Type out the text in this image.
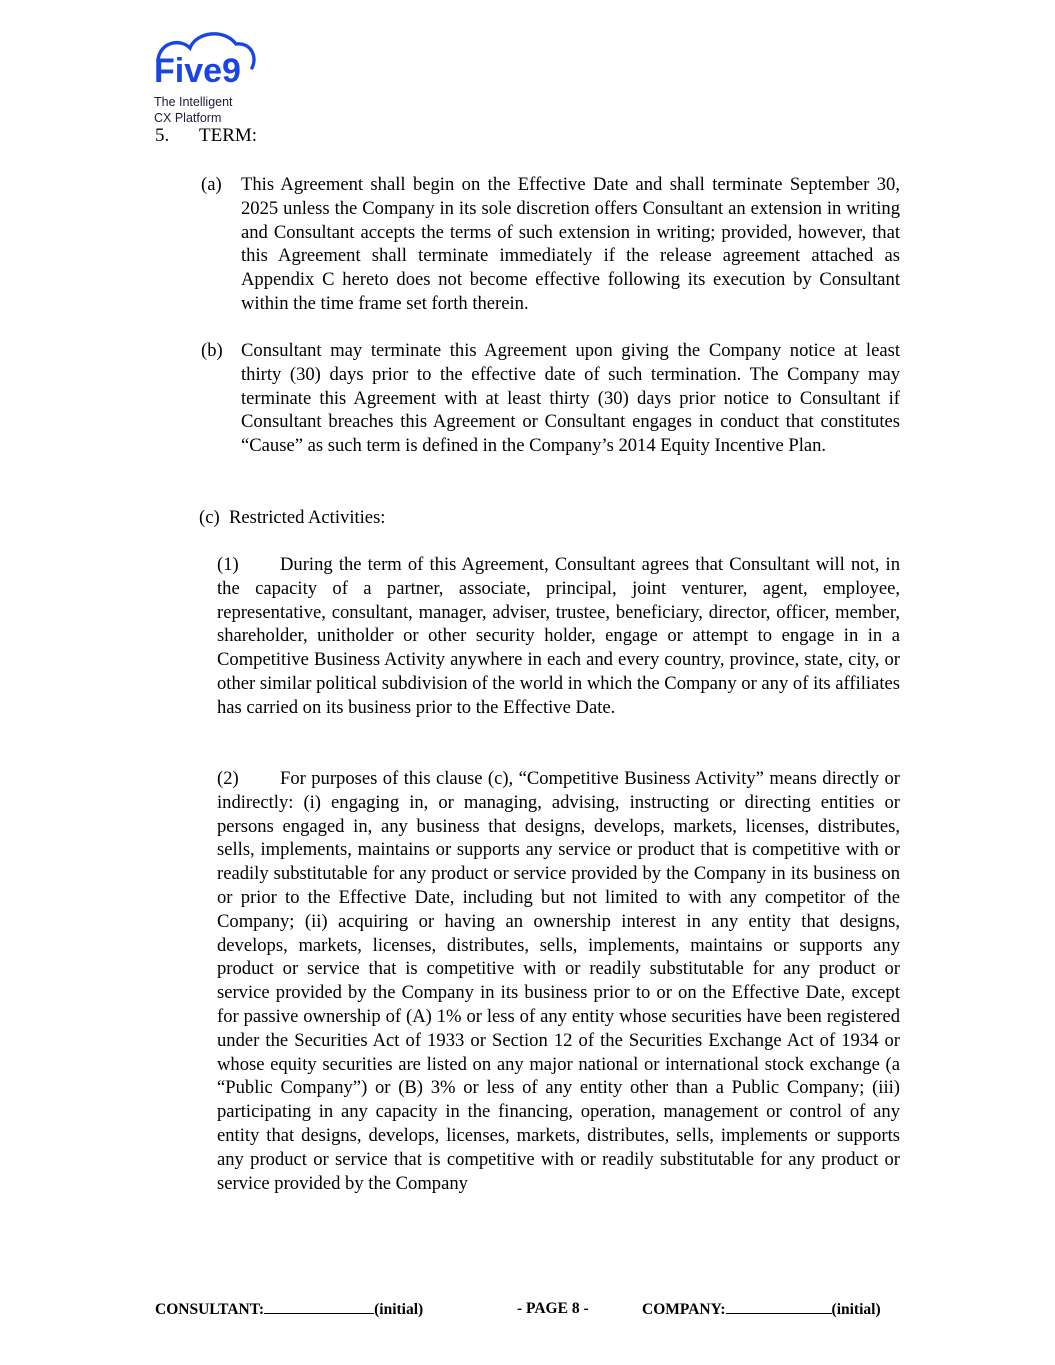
Five9
The Intelligent
CX Platform
5. TERM:
(a) This Agreement shall begin on the Effective Date and shall terminate September 30, 2025 unless the Company in its sole discretion offers Consultant an extension in writing and Consultant accepts the terms of such extension in writing; provided, however, that this Agreement shall terminate immediately if the release agreement attached as Appendix C hereto does not become effective following its execution by Consultant within the time frame set forth therein.
(b) Consultant may terminate this Agreement upon giving the Company notice at least thirty (30) days prior to the effective date of such termination. The Company may terminate this Agreement with at least thirty (30) days prior notice to Consultant if Consultant breaches this Agreement or Consultant engages in conduct that constitutes “Cause” as such term is defined in the Company’s 2014 Equity Incentive Plan.
(c) Restricted Activities:
(1) During the term of this Agreement, Consultant agrees that Consultant will not, in the capacity of a partner, associate, principal, joint venturer, agent, employee, representative, consultant, manager, adviser, trustee, beneficiary, director, officer, member, shareholder, unitholder or other security holder, engage or attempt to engage in in a Competitive Business Activity anywhere in each and every country, province, state, city, or other similar political subdivision of the world in which the Company or any of its affiliates has carried on its business prior to the Effective Date.
(2) For purposes of this clause (c), “Competitive Business Activity” means directly or indirectly: (i) engaging in, or managing, advising, instructing or directing entities or persons engaged in, any business that designs, develops, markets, licenses, distributes, sells, implements, maintains or supports any service or product that is competitive with or readily substitutable for any product or service provided by the Company in its business on or prior to the Effective Date, including but not limited to with any competitor of the Company; (ii) acquiring or having an ownership interest in any entity that designs, develops, markets, licenses, distributes, sells, implements, maintains or supports any product or service that is competitive with or readily substitutable for any product or service provided by the Company in its business prior to or on the Effective Date, except for passive ownership of (A) 1% or less of any entity whose securities have been registered under the Securities Act of 1933 or Section 12 of the Securities Exchange Act of 1934 or whose equity securities are listed on any major national or international stock exchange (a “Public Company”) or (B) 3% or less of any entity other than a Public Company; (iii) participating in any capacity in the financing, operation, management or control of any entity that designs, develops, licenses, markets, distributes, sells, implements or supports any product or service that is competitive with or readily substitutable for any product or service provided by the Company
CONSULTANT:	(initial)	- PAGE 8 -	COMPANY:	(initial)
